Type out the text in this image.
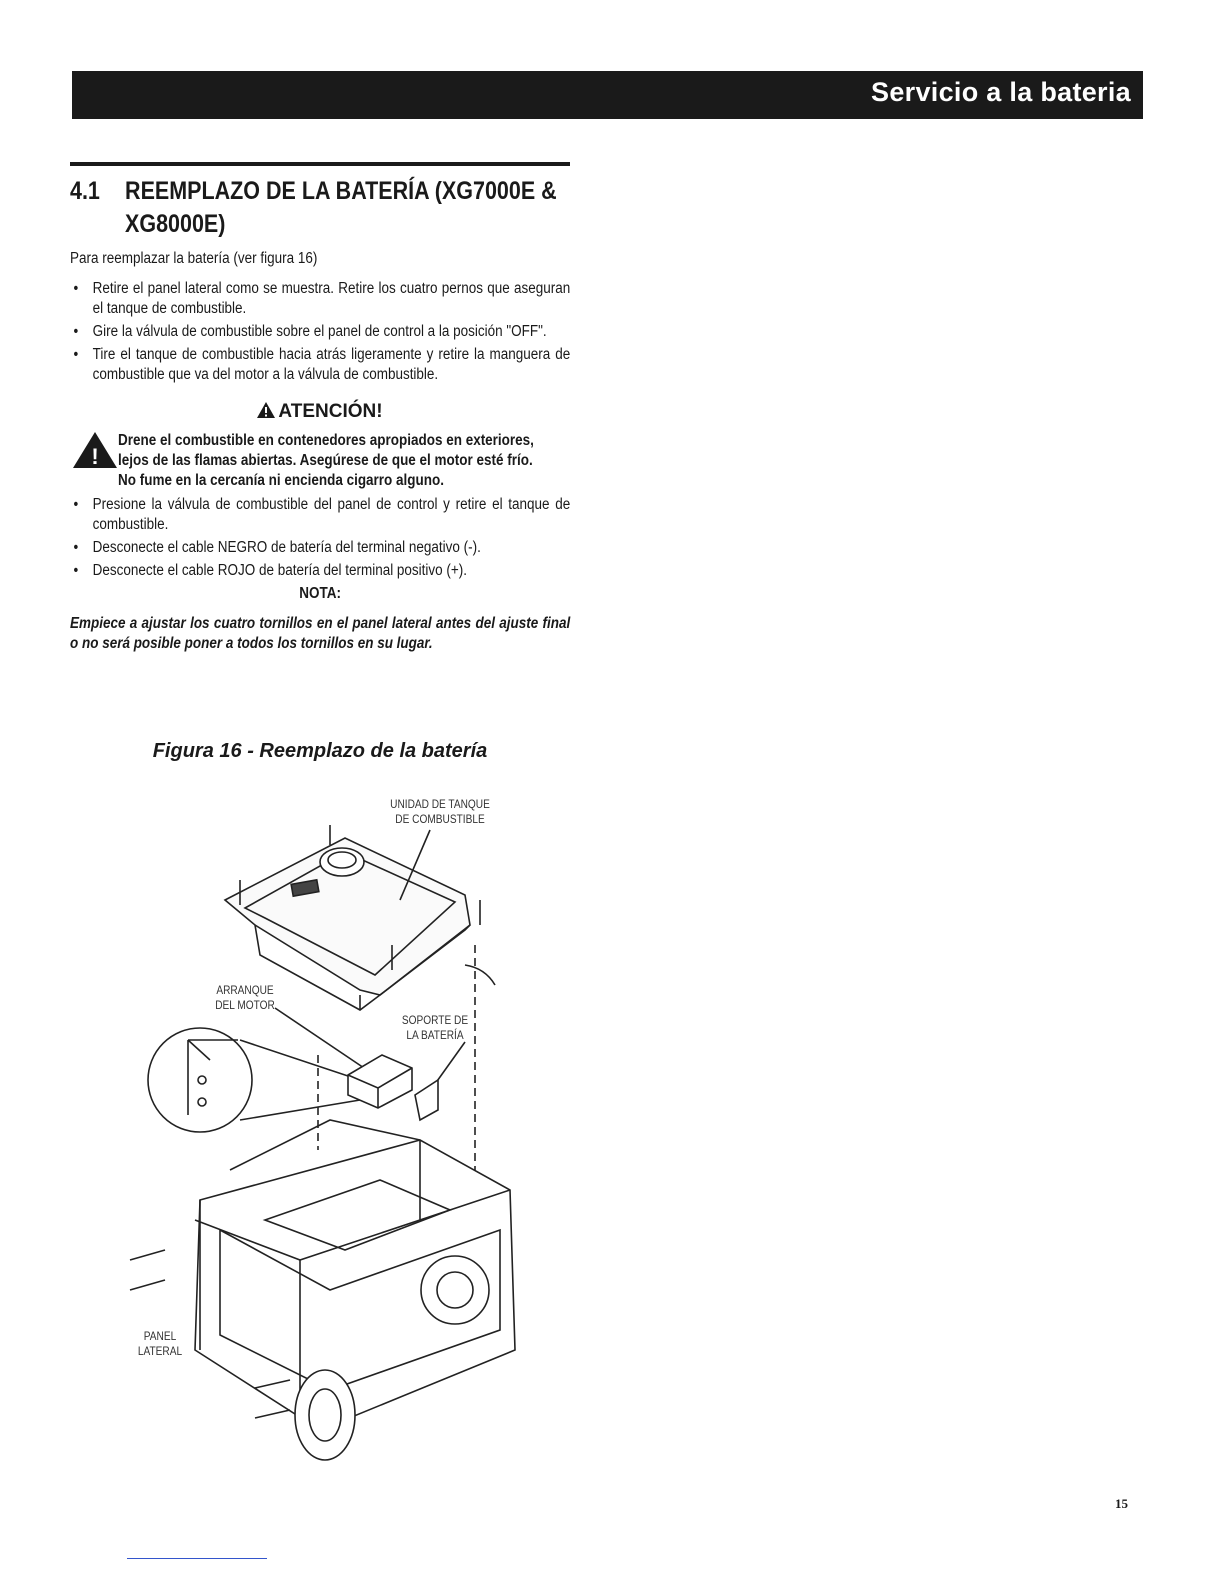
Servicio a la bateria
4.1 REEMPLAZO DE LA BATERÍA (XG7000E &
XG8000E)
Para reemplazar la batería (ver figura 16)
• Retire el panel lateral como se muestra. Retire los cuatro pernos que aseguran el tanque de combustible.
• Gire la válvula de combustible sobre el panel de control a la posición "OFF".
• Tire el tanque de combustible hacia atrás ligeramente y retire la manguera de combustible que va del motor a la válvula de combustible.
ATENCIÓN!
!
Drene el combustible en contenedores apropiados en exteriores, lejos de las flamas abiertas. Asegúrese de que el motor esté frío. No fume en la cercanía ni encienda cigarro alguno.
• Presione la válvula de combustible del panel de control y retire el tanque de combustible.
• Desconecte el cable NEGRO de batería del terminal negativo (-).
• Desconecte el cable ROJO de batería del terminal positivo (+).
NOTA:
Empiece a ajustar los cuatro tornillos en el panel lateral antes del ajuste final o no será posible poner a todos los tornillos en su lugar.
Figura 16 - Reemplazo de la batería
UNIDAD DE TANQUE
DE COMBUSTIBLE
ARRANQUE
DEL MOTOR
SOPORTE DE
LA BATERÍA
PANEL
LATERAL
15
